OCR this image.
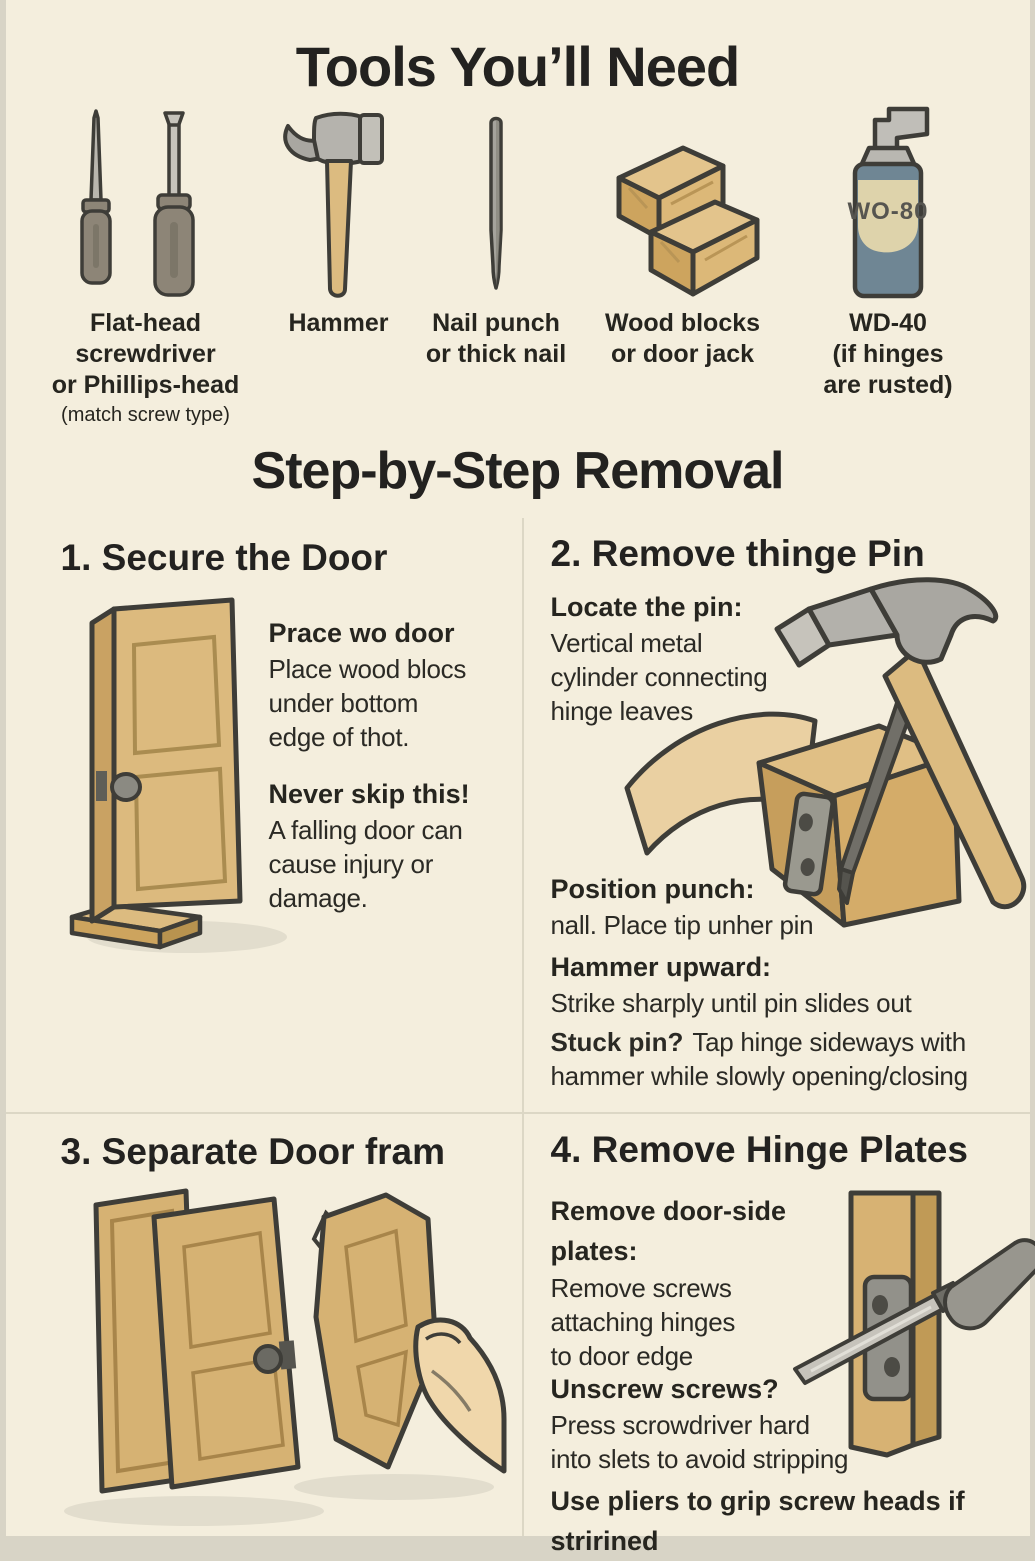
Tools You’ll Need
Flat-head
screwdriver
or Phillips-head
(match screw type)
Hammer Nail punch
or thick nail
Wood blocks
or door jack
WO-80
WD-40
(if hinges
are rusted)
Step-by-Step Removal
1. Secure the Door
Prace wo door
Place wood blocs
under bottom
edge of thot.
Never skip this!
A falling door can
cause injury or
damage.
2. Remove thinge Pin
Locate the pin:
Vertical metal
cylinder connecting
hinge leaves
Position punch:
nall. Place tip unher pin
Hammer upward:
Strike sharply until pin slides out
Stuck pin? Tap hinge sideways with
hammer while slowly opening/closing
3. Separate Door fram	4. Remove Hinge Plates
Remove door-side
plates:
Remove screws
attaching hinges
to door edge
Unscrew screws?
Press scrowdriver hard
into slets to avoid stripping
Use pliers to grip screw heads if
stririned
